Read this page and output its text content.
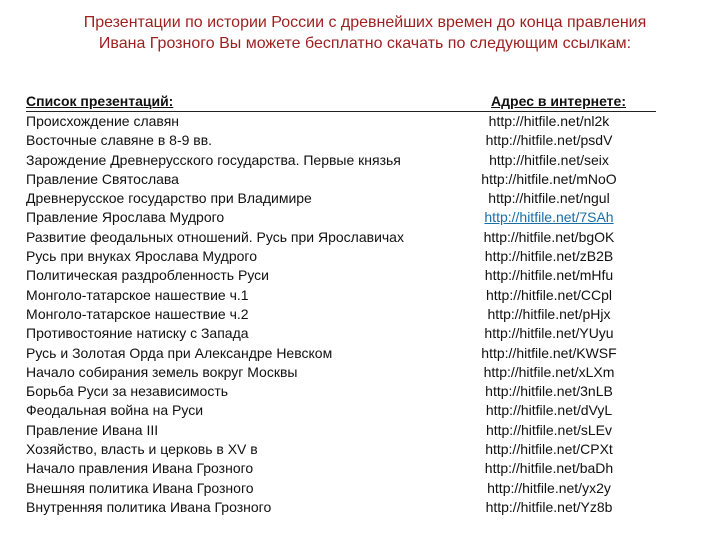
Презентации по истории России с древнейших времен до конца правления Ивана Грозного Вы можете бесплатно скачать по следующим ссылкам:
Список презентаций:	Адрес в интернете:
Происхождение славян	http://hitfile.net/nl2k
Восточные славяне в 8-9 вв.	http://hitfile.net/psdV
Зарождение Древнерусского государства. Первые князья	http://hitfile.net/seix
Правление Святослава	http://hitfile.net/mNoO
Древнерусское государство при Владимире	http://hitfile.net/ngul
Правление Ярослава Мудрого	http://hitfile.net/7SAh
Развитие феодальных отношений. Русь при Ярославичах	http://hitfile.net/bgOK
Русь при внуках Ярослава Мудрого	http://hitfile.net/zB2B
Политическая раздробленность Руси	http://hitfile.net/mHfu
Монголо-татарское нашествие ч.1	http://hitfile.net/CCpl
Монголо-татарское нашествие ч.2	http://hitfile.net/pHjx
Противостояние натиску с Запада	http://hitfile.net/YUyu
Русь и Золотая Орда при Александре Невском	http://hitfile.net/KWSF
Начало собирания земель вокруг Москвы	http://hitfile.net/xLXm
Борьба Руси за независимость	http://hitfile.net/3nLB
Феодальная война на Руси	http://hitfile.net/dVyL
Правление Ивана III	http://hitfile.net/sLEv
Хозяйство, власть и церковь в XV в	http://hitfile.net/CPXt
Начало правления Ивана Грозного	http://hitfile.net/baDh
Внешняя политика Ивана Грозного	http://hitfile.net/yx2y
Внутренняя политика Ивана Грозного	http://hitfile.net/Yz8b
